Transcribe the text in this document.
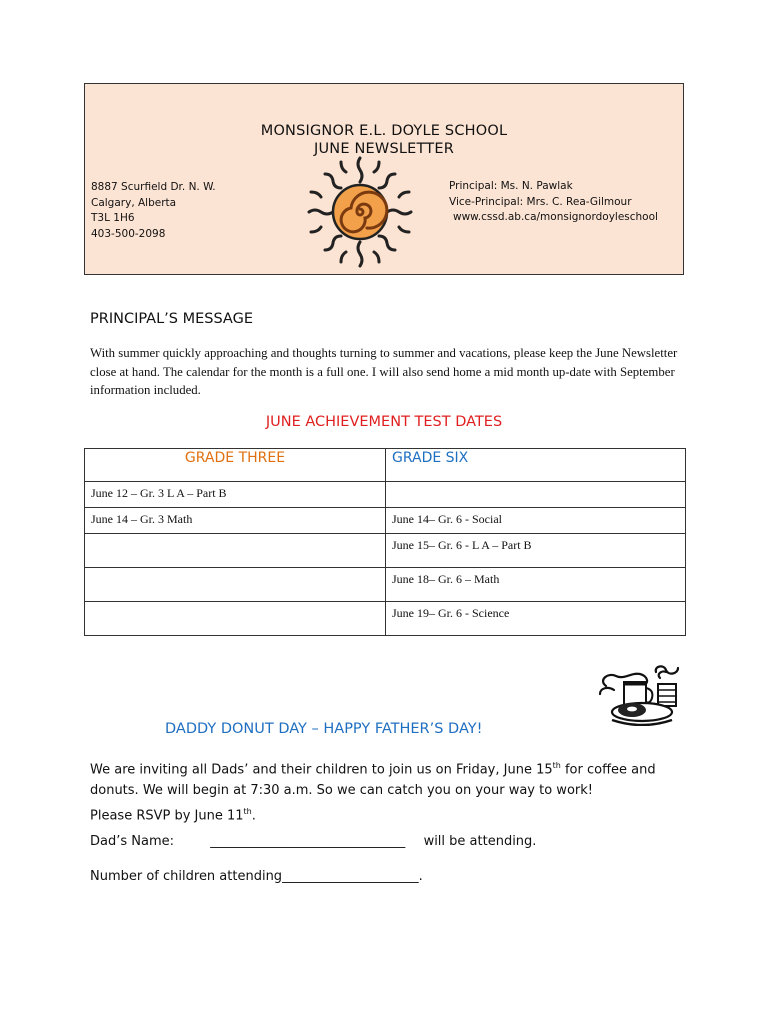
MONSIGNOR E.L. DOYLE SCHOOL
JUNE NEWSLETTER
8887 Scurfield Dr. N. W.
Calgary, Alberta
T3L 1H6
403-500-2098
Principal: Ms. N. Pawlak
Vice-Principal: Mrs. C. Rea-Gilmour
www.cssd.ab.ca/monsignordoyleschool
PRINCIPAL’S MESSAGE
With summer quickly approaching and thoughts turning to summer and vacations, please keep the June Newsletter close at hand. The calendar for the month is a full one. I will also send home a mid month up-date with September information included.
JUNE ACHIEVEMENT TEST DATES
GRADE THREE	GRADE SIX
June 12 – Gr. 3 L A – Part B	
June 14 – Gr. 3 Math	June 14– Gr. 6 - Social
	June 15– Gr. 6 - L A – Part B
	June 18– Gr. 6 – Math
	June 19– Gr. 6 - Science
DADDY DONUT DAY – HAPPY FATHER’S DAY!
We are inviting all Dads’ and their children to join us on Friday, June 15th for coffee and donuts. We will begin at 7:30 a.m. So we can catch you on your way to work!
Please RSVP by June 11th.
Dad’s Name:	______________________________ will be attending.
Number of children attending_____________________.
